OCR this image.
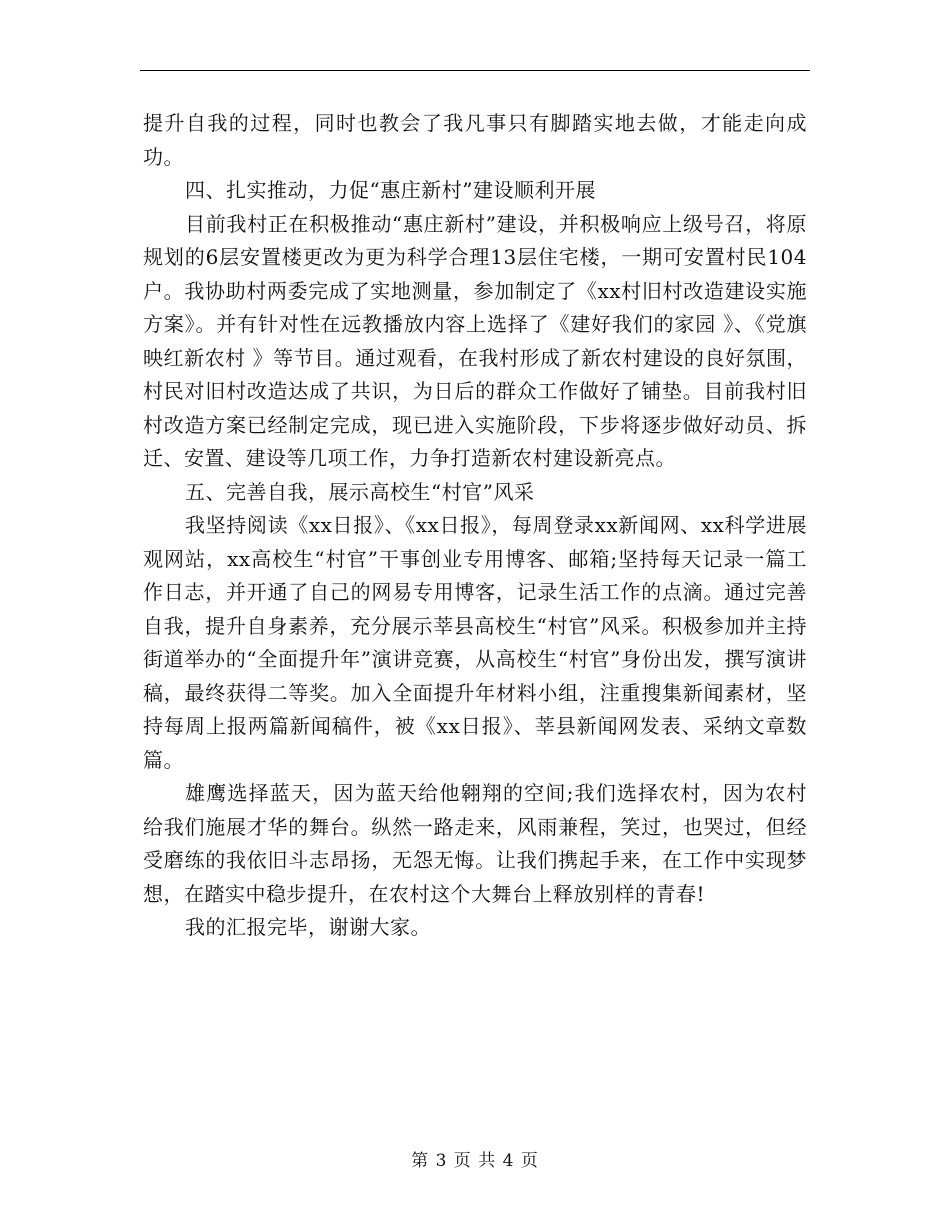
提升自我的过程，同时也教会了我凡事只有脚踏实地去做，才能走向成功。

四、扎实推动，力促“惠庄新村”建设顺利开展

目前我村正在积极推动“惠庄新村”建设，并积极响应上级号召，将原规划的6层安置楼更改为更为科学合理13层住宅楼，一期可安置村民104户。我协助村两委完成了实地测量，参加制定了《xx村旧村改造建设实施方案》。并有针对性在远教播放内容上选择了《建好我们的家园 》、《党旗映红新农村 》等节目。通过观看，在我村形成了新农村建设的良好氛围，村民对旧村改造达成了共识，为日后的群众工作做好了铺垫。目前我村旧村改造方案已经制定完成，现已进入实施阶段，下步将逐步做好动员、拆迁、安置、建设等几项工作，力争打造新农村建设新亮点。

五、完善自我，展示高校生“村官”风采

我坚持阅读《xx日报》、《xx日报》，每周登录xx新闻网、xx科学进展观网站，xx高校生“村官”干事创业专用博客、邮箱;坚持每天记录一篇工作日志，并开通了自己的网易专用博客，记录生活工作的点滴。通过完善自我，提升自身素养，充分展示莘县高校生“村官”风采。积极参加并主持街道举办的“全面提升年”演讲竞赛，从高校生“村官”身份出发，撰写演讲稿，最终获得二等奖。加入全面提升年材料小组，注重搜集新闻素材，坚持每周上报两篇新闻稿件，被《xx日报》、莘县新闻网发表、采纳文章数篇。

雄鹰选择蓝天，因为蓝天给他翱翔的空间;我们选择农村，因为农村给我们施展才华的舞台。纵然一路走来，风雨兼程，笑过，也哭过，但经受磨练的我依旧斗志昂扬，无怨无悔。让我们携起手来，在工作中实现梦想，在踏实中稳步提升，在农村这个大舞台上释放别样的青春!

我的汇报完毕，谢谢大家。

第 3 页 共 4 页
